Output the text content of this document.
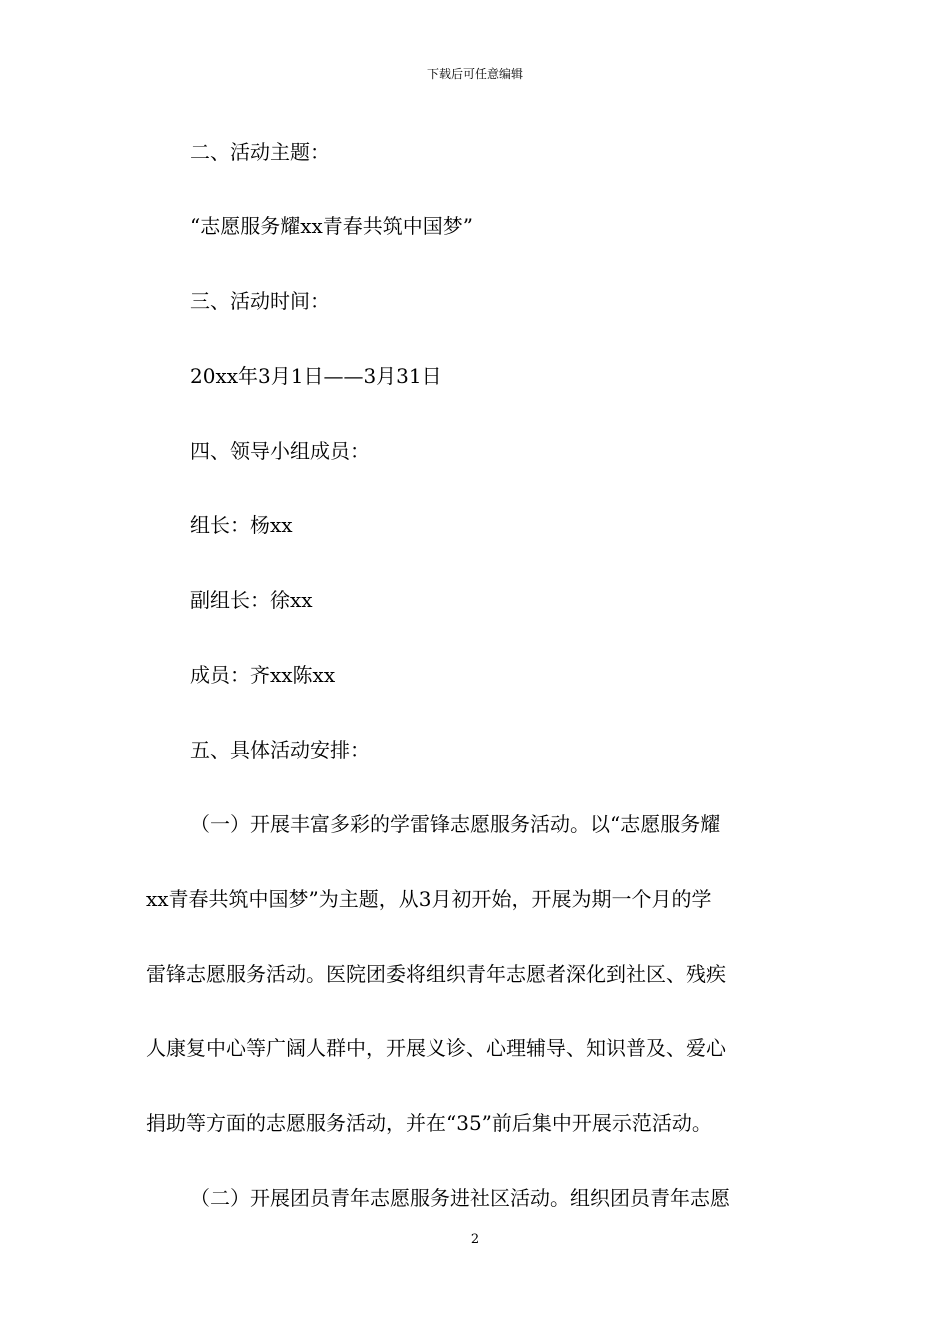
下载后可任意编辑
二、活动主题：
“志愿服务耀xx青春共筑中国梦”
三、活动时间：
20xx年3月1日——3月31日
四、领导小组成员：
组长：杨xx
副组长：徐xx
成员：齐xx陈xx
五、具体活动安排：
（一）开展丰富多彩的学雷锋志愿服务活动。以“志愿服务耀
xx青春共筑中国梦”为主题，从3月初开始，开展为期一个月的学
雷锋志愿服务活动。医院团委将组织青年志愿者深化到社区、残疾
人康复中心等广阔人群中，开展义诊、心理辅导、知识普及、爱心
捐助等方面的志愿服务活动，并在“35”前后集中开展示范活动。
（二）开展团员青年志愿服务进社区活动。组织团员青年志愿
2
